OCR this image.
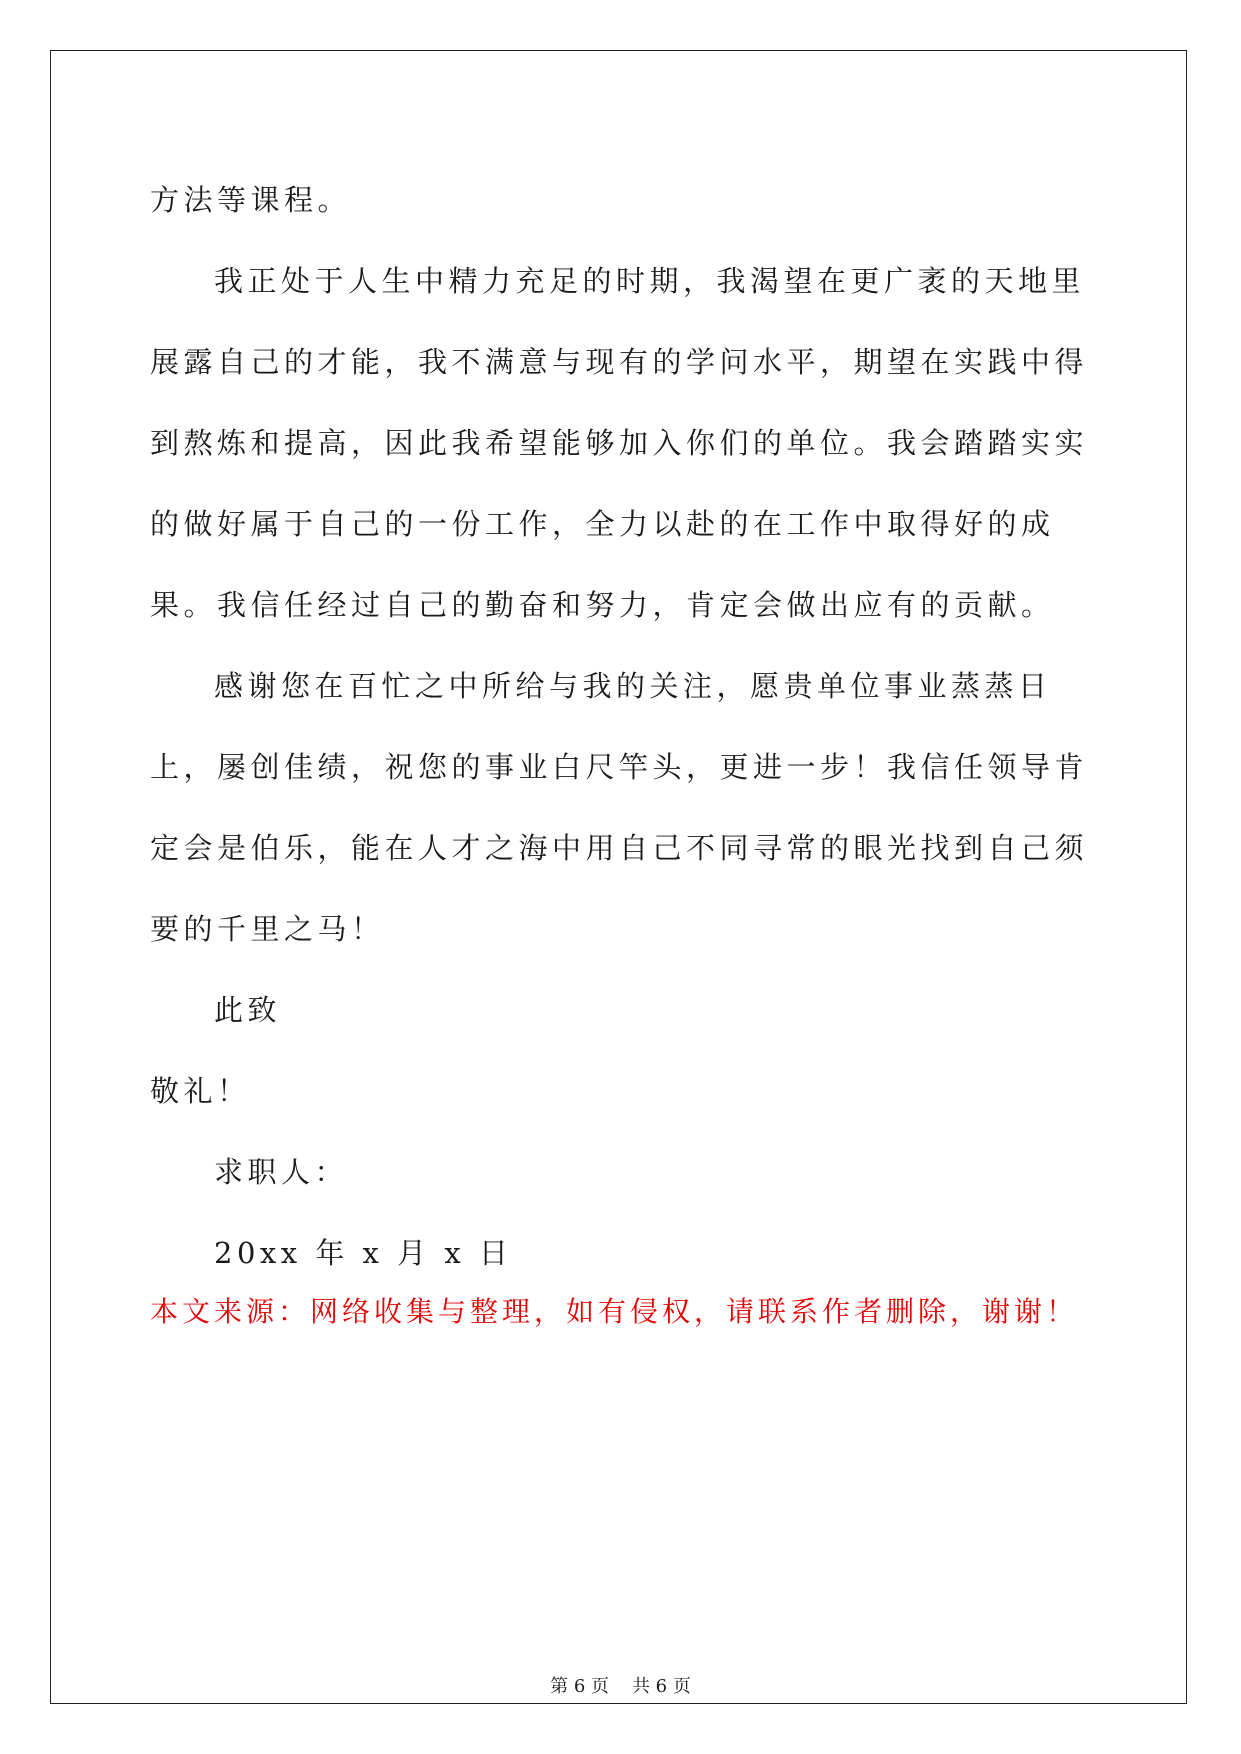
方法等课程。

我正处于人生中精力充足的时期，我渴望在更广袤的天地里展露自己的才能，我不满意与现有的学问水平，期望在实践中得到熬炼和提高，因此我希望能够加入你们的单位。我会踏踏实实的做好属于自己的一份工作，全力以赴的在工作中取得好的成果。我信任经过自己的勤奋和努力，肯定会做出应有的贡献。

感谢您在百忙之中所给与我的关注，愿贵单位事业蒸蒸日上，屡创佳绩，祝您的事业白尺竿头，更进一步！我信任领导肯定会是伯乐，能在人才之海中用自己不同寻常的眼光找到自己须要的千里之马！

此致

敬礼！

求职人：

20xx 年 x 月 x 日

本文来源：网络收集与整理，如有侵权，请联系作者删除，谢谢！
第 6 页    共 6 页
